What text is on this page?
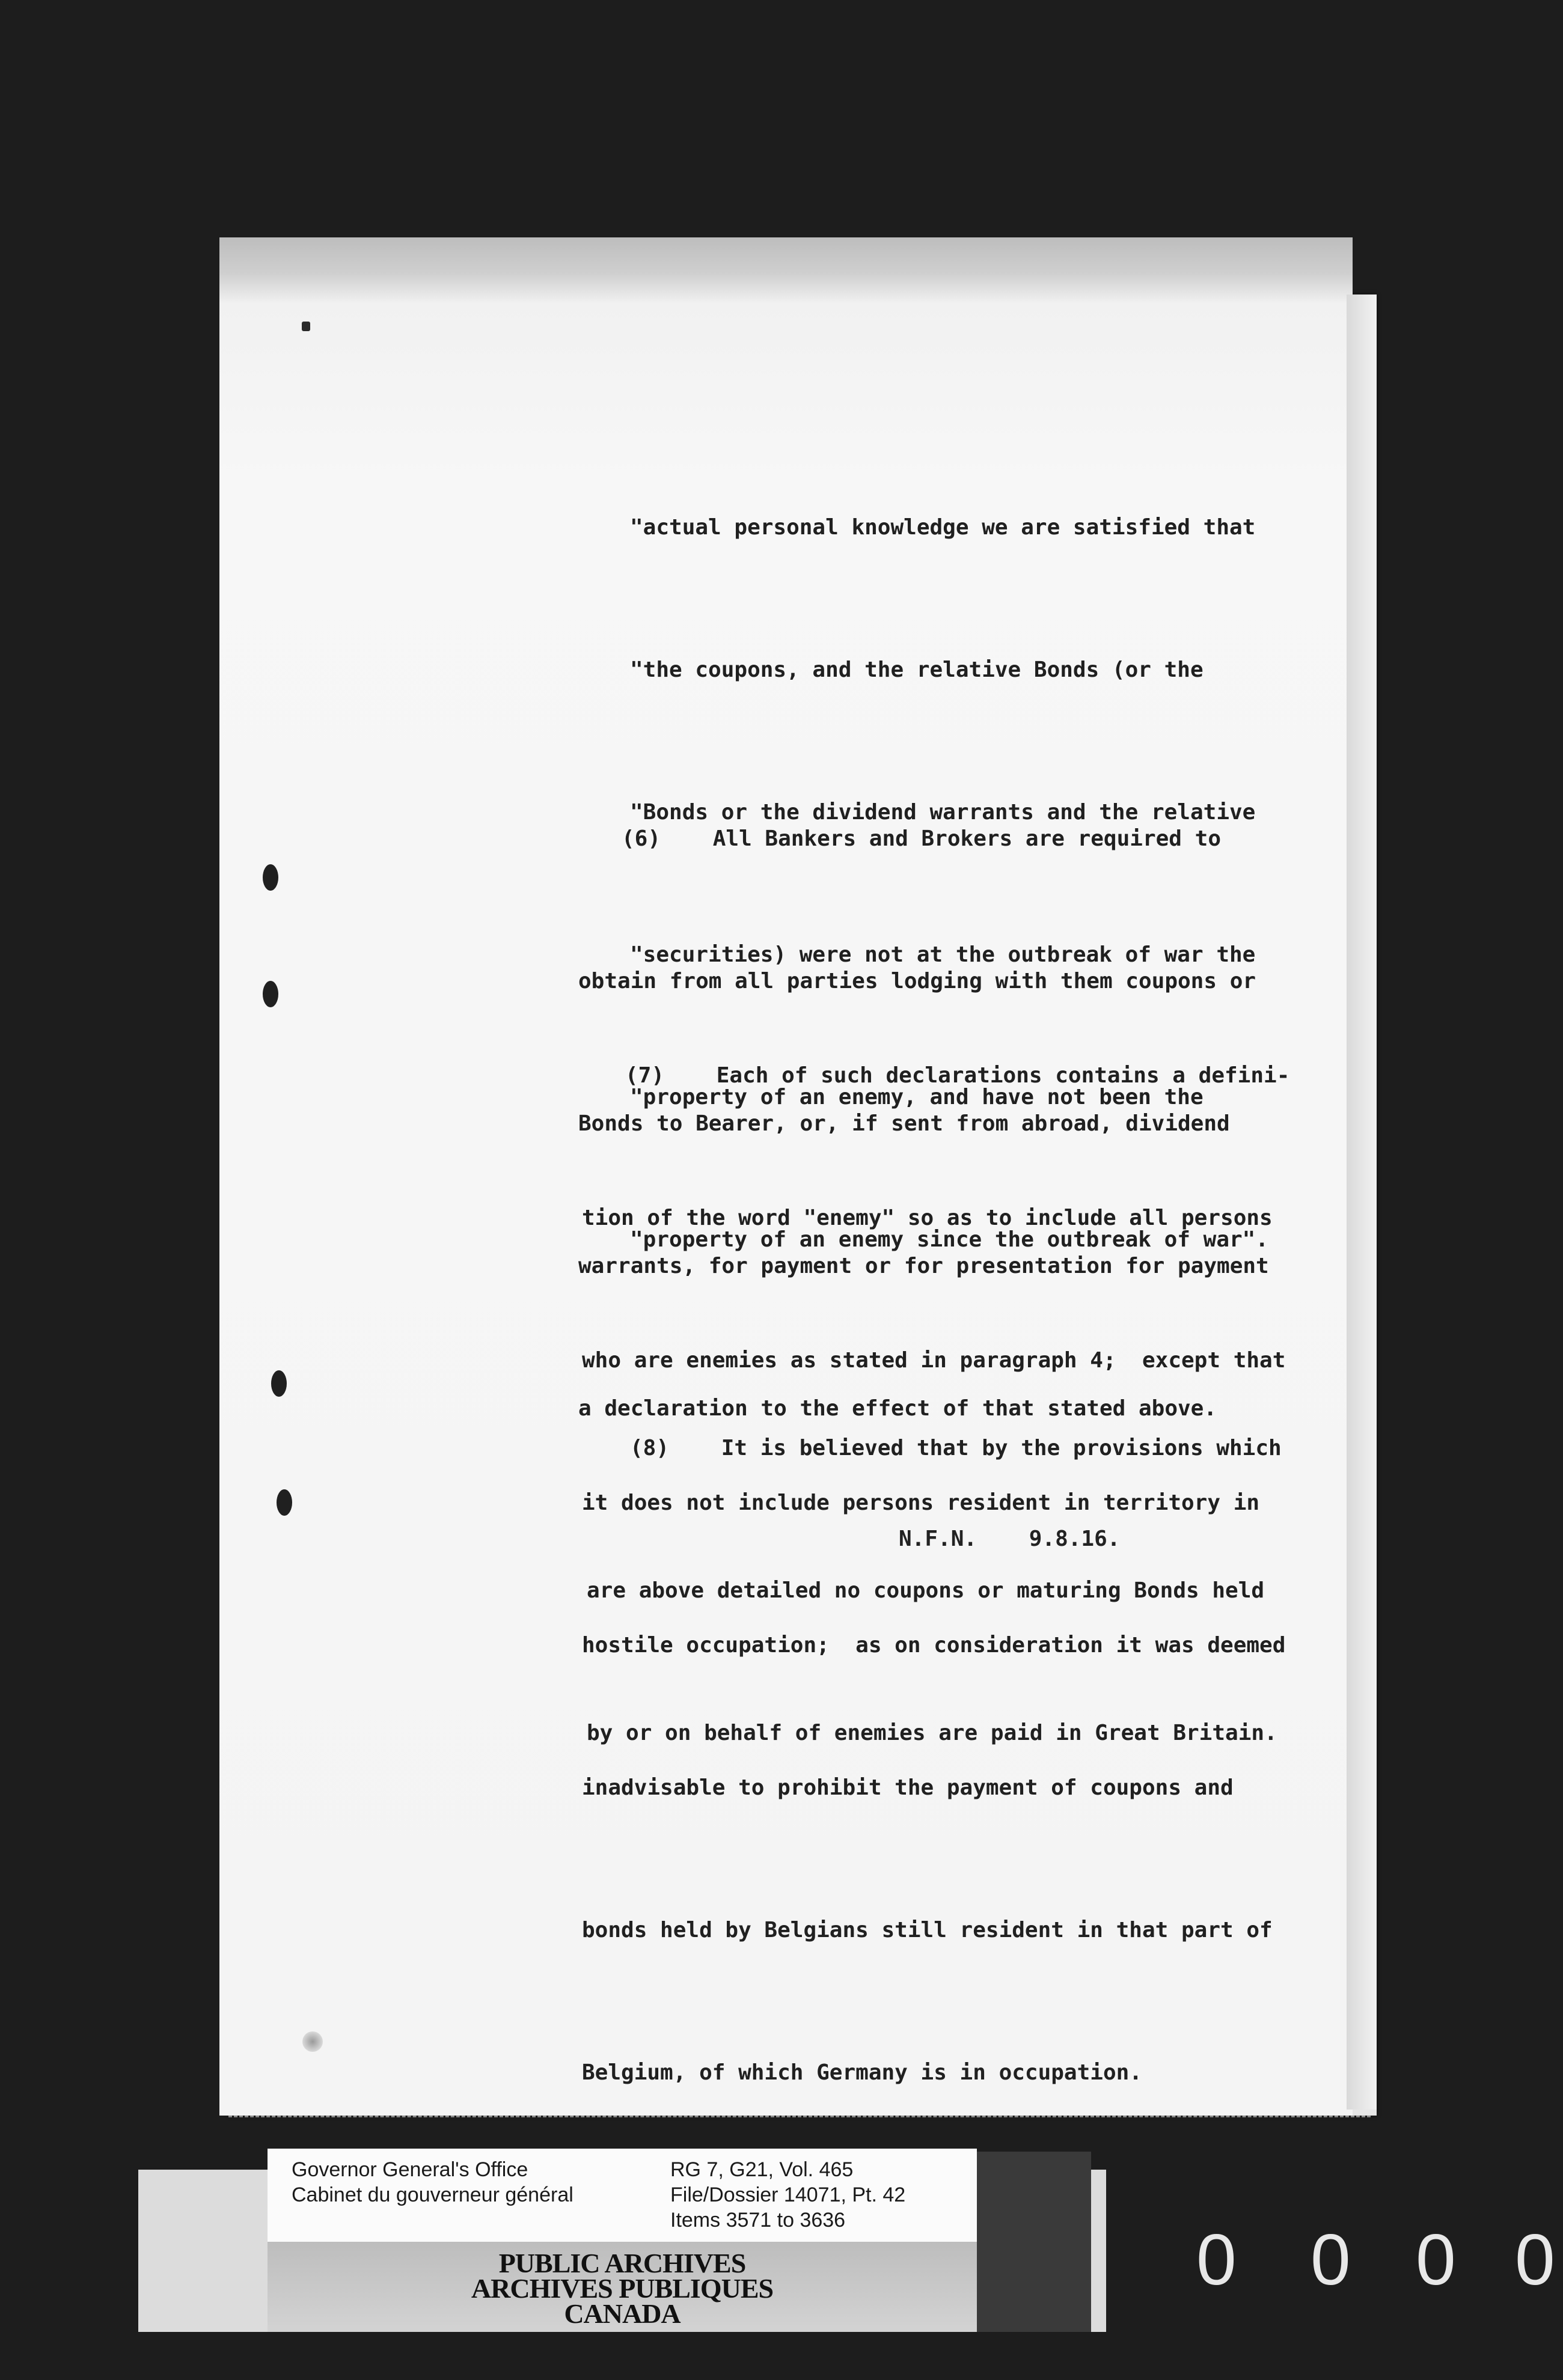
"actual personal knowledge we are satisfied that

"the coupons, and the relative Bonds (or the

"Bonds or the dividend warrants and the relative

"securities) were not at the outbreak of war the

"property of an enemy, and have not been the

"property of an enemy since the outbreak of war".

(6)    All Bankers and Brokers are required to

obtain from all parties lodging with them coupons or

Bonds to Bearer, or, if sent from abroad, dividend

warrants, for payment or for presentation for payment

a declaration to the effect of that stated above.

(7)    Each of such declarations contains a defini-

tion of the word "enemy" so as to include all persons

who are enemies as stated in paragraph 4;  except that

it does not include persons resident in territory in

hostile occupation;  as on consideration it was deemed

inadvisable to prohibit the payment of coupons and

bonds held by Belgians still resident in that part of

Belgium, of which Germany is in occupation.

(8)    It is believed that by the provisions which

are above detailed no coupons or maturing Bonds held

by or on behalf of enemies are paid in Great Britain.

N.F.N.    9.8.16.
Governor General's Office
Cabinet du gouverneur général
RG 7, G21, Vol. 465
File/Dossier 14071, Pt. 42
Items 3571 to 3636
PUBLIC ARCHIVES
ARCHIVES PUBLIQUES
CANADA
0 0 0 0
